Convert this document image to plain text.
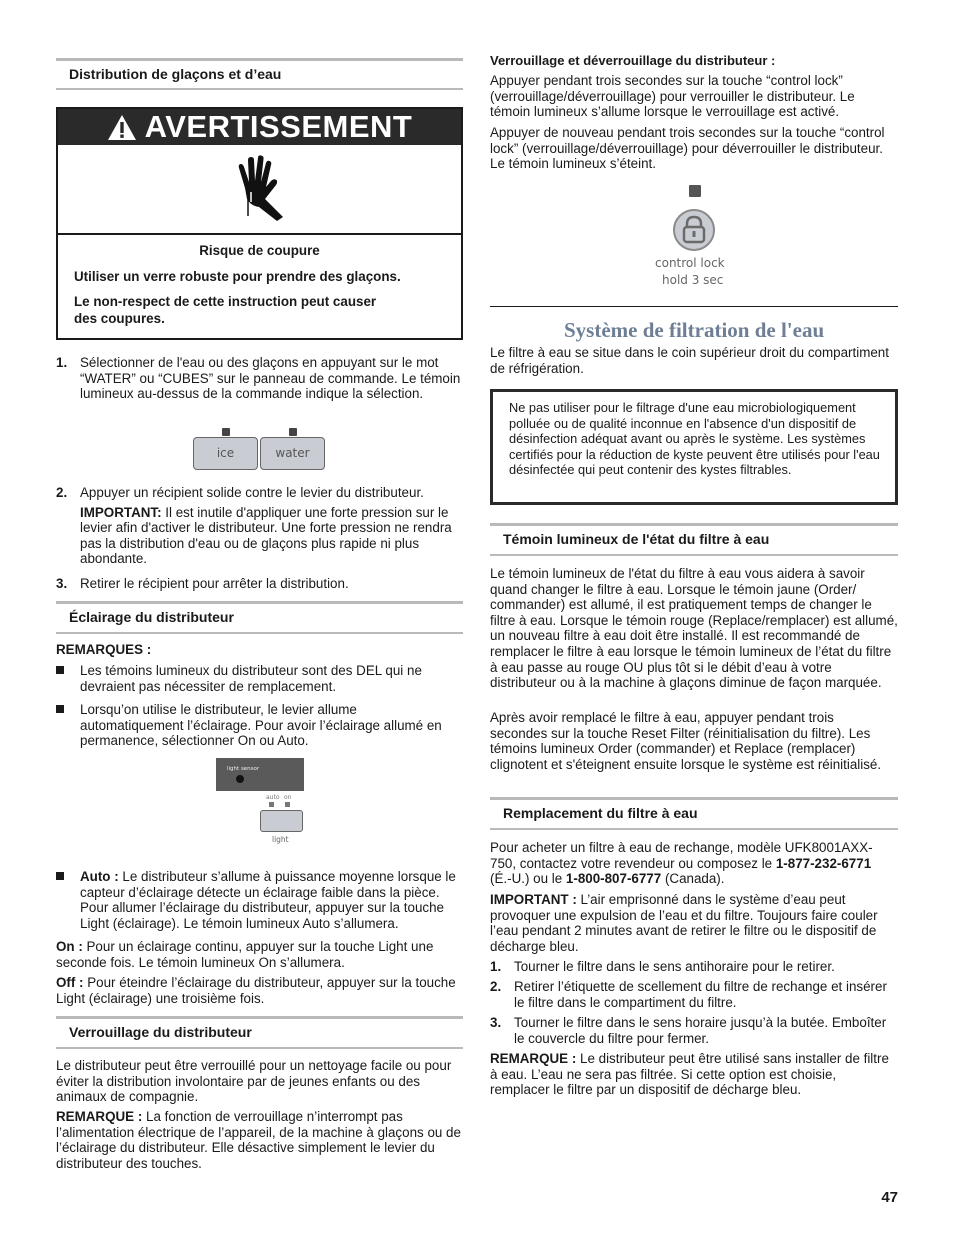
Distribution de glaçons et d’eau
AVERTISSEMENT

Risque de coupure

Utiliser un verre robuste pour prendre des glaçons.

Le non-respect de cette instruction peut causer

des coupures.

1. Sélectionner de l'eau ou des glaçons en appuyant sur le mot “WATER” ou “CUBES” sur le panneau de commande. Le témoin lumineux au-dessus de la commande indique la sélection.

ice	water
2. Appuyer un récipient solide contre le levier du distributeur.

IMPORTANT: Il est inutile d'appliquer une forte pression sur le levier afin d'activer le distributeur. Une forte pression ne rendra pas la distribution d'eau ou de glaçons plus rapide ni plus abondante.

3. Retirer le récipient pour arrêter la distribution.

Éclairage du distributeur

REMARQUES :

Les témoins lumineux du distributeur sont des DEL qui ne devraient pas nécessiter de remplacement.

Lorsqu’on utilise le distributeur, le levier allume automatiquement l’éclairage. Pour avoir l’éclairage allumé en permanence, sélectionner On ou Auto.

light sensor
auto on
light

Auto : Le distributeur s’allume à puissance moyenne lorsque le capteur d’éclairage détecte un éclairage faible dans la pièce. Pour allumer l’éclairage du distributeur, appuyer sur la touche Light (éclairage). Le témoin lumineux Auto s’allumera.

On : Pour un éclairage continu, appuyer sur la touche Light une seconde fois. Le témoin lumineux On s’allumera.

Off : Pour éteindre l’éclairage du distributeur, appuyer sur la touche Light (éclairage) une troisième fois.

Verrouillage du distributeur

Le distributeur peut être verrouillé pour un nettoyage facile ou pour éviter la distribution involontaire par de jeunes enfants ou des animaux de compagnie.

REMARQUE : La fonction de verrouillage n’interrompt pas l’alimentation électrique de l’appareil, de la machine à glaçons ou de l’éclairage du distributeur. Elle désactive simplement le levier du distributeur des touches.

Verrouillage et déverrouillage du distributeur :

Appuyer pendant trois secondes sur la touche “control lock” (verrouillage/déverrouillage) pour verrouiller le distributeur. Le témoin lumineux s’allume lorsque le verrouillage est activé.

Appuyer de nouveau pendant trois secondes sur la touche “control lock” (verrouillage/déverrouillage) pour déverrouiller le distributeur. Le témoin lumineux s’éteint.

control lock
hold 3 sec

Système de filtration de l'eau

Le filtre à eau se situe dans le coin supérieur droit du compartiment de réfrigération.

Ne pas utiliser pour le filtrage d'une eau microbiologiquement polluée ou de qualité inconnue en l'absence d'un dispositif de désinfection adéquat avant ou après le système. Les systèmes certifiés pour la réduction de kyste peuvent être utilisés pour l'eau désinfectée qui peut contenir des kystes filtrables.

Témoin lumineux de l'état du filtre à eau

Le témoin lumineux de l'état du filtre à eau vous aidera à savoir quand changer le filtre à eau. Lorsque le témoin jaune (Order/ commander) est allumé, il est pratiquement temps de changer le filtre à eau. Lorsque le témoin rouge (Replace/remplacer) est allumé, un nouveau filtre à eau doit être installé. Il est recommandé de remplacer le filtre à eau lorsque le témoin lumineux de l’état du filtre à eau passe au rouge OU plus tôt si le débit d’eau à votre distributeur ou à la machine à glaçons diminue de façon marquée.

Après avoir remplacé le filtre à eau, appuyer pendant trois secondes sur la touche Reset Filter (réinitialisation du filtre). Les témoins lumineux Order (commander) et Replace (remplacer) clignotent et s'éteignent ensuite lorsque le système est réinitialisé.

Remplacement du filtre à eau

Pour acheter un filtre à eau de rechange, modèle UFK8001AXX-750, contactez votre revendeur ou composez le 1-877-232-6771 (É.-U.) ou le 1-800-807-6777 (Canada).

IMPORTANT : L’air emprisonné dans le système d’eau peut provoquer une expulsion de l’eau et du filtre. Toujours faire couler l’eau pendant 2 minutes avant de retirer le filtre ou le dispositif de décharge bleu.

1. Tourner le filtre dans le sens antihoraire pour le retirer.

2. Retirer l’étiquette de scellement du filtre de rechange et insérer le filtre dans le compartiment du filtre.

3. Tourner le filtre dans le sens horaire jusqu’à la butée. Emboîter le couvercle du filtre pour fermer.

REMARQUE : Le distributeur peut être utilisé sans installer de filtre à eau. L’eau ne sera pas filtrée. Si cette option est choisie, remplacer le filtre par un dispositif de décharge bleu.

47
